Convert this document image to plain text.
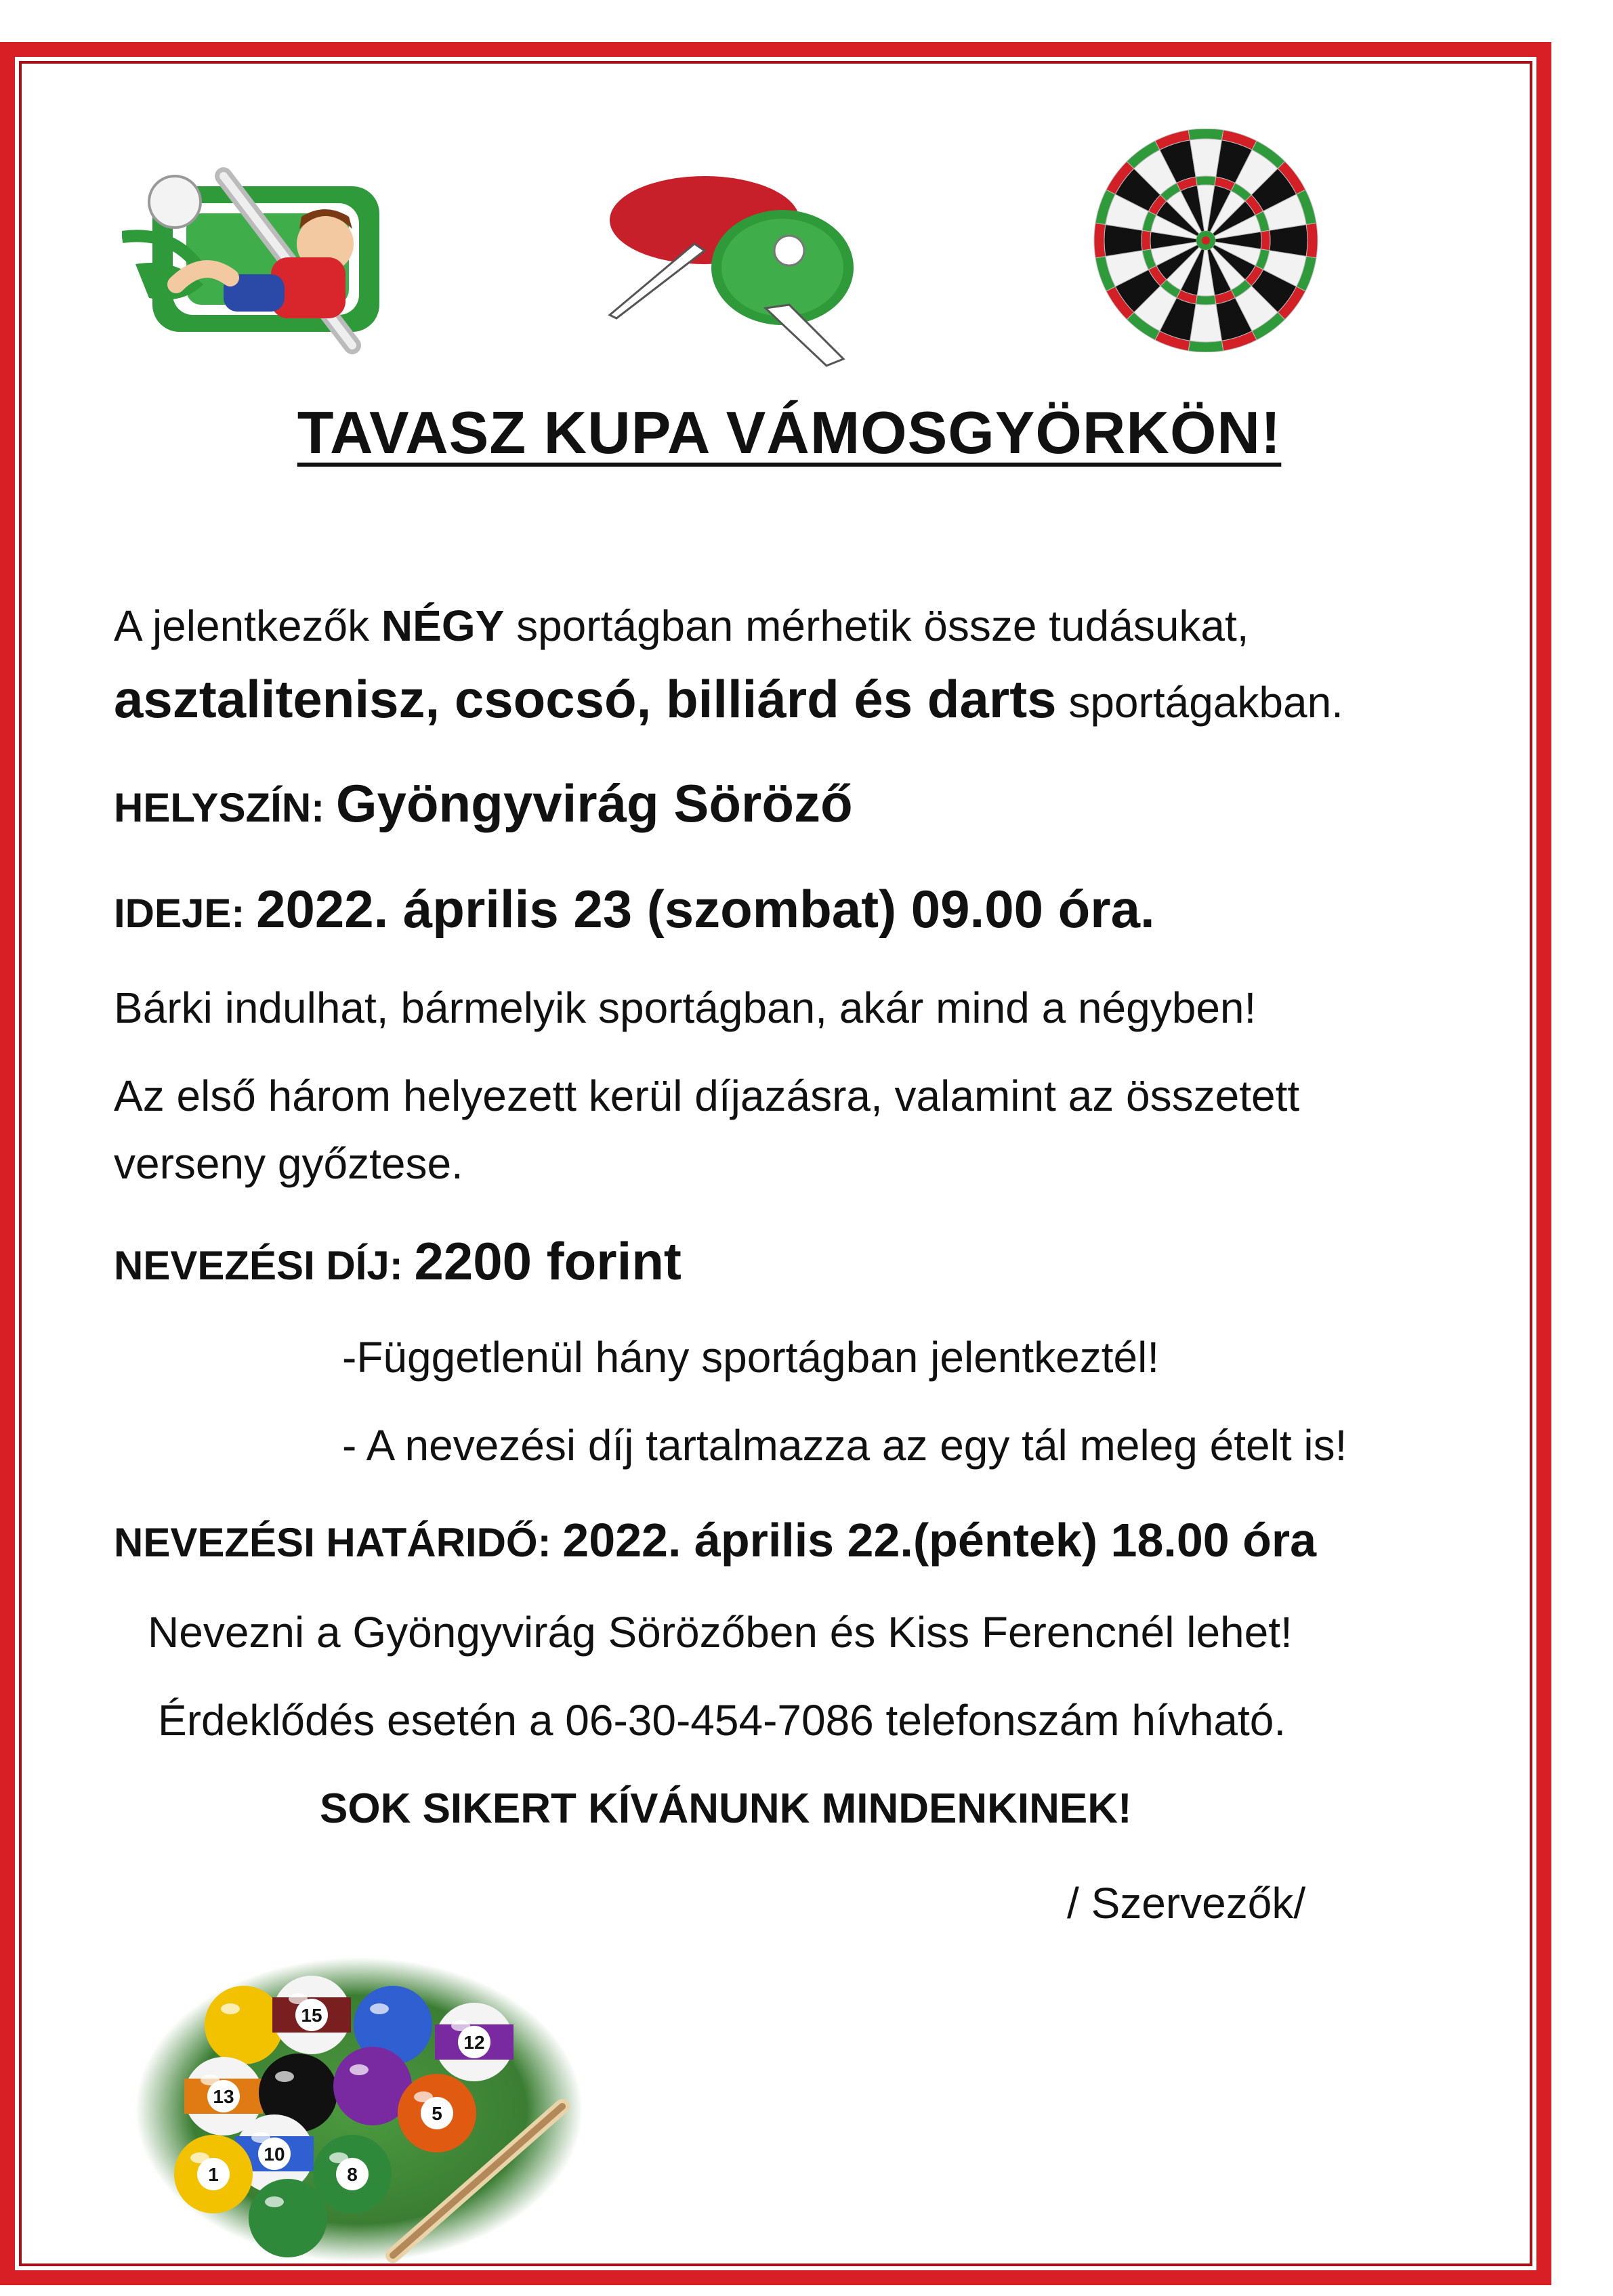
TAVASZ KUPA VÁMOSGYÖRKÖN!
A jelentkezők NÉGY sportágban mérhetik össze tudásukat,
asztalitenisz, csocsó, billiárd és darts sportágakban.
HELYSZÍN: Gyöngyvirág Söröző
IDEJE: 2022. április 23 (szombat) 09.00 óra.
Bárki indulhat, bármelyik sportágban, akár mind a négyben!
Az első három helyezett kerül díjazásra, valamint az összetett
verseny győztese.
NEVEZÉSI DÍJ: 2200 forint
-Függetlenül hány sportágban jelentkeztél!
- A nevezési díj tartalmazza az egy tál meleg ételt is!
NEVEZÉSI HATÁRIDŐ: 2022. április 22.(péntek) 18.00 óra
Nevezni a Gyöngyvirág Sörözőben és Kiss Ferencnél lehet!
Érdeklődés esetén a 06-30-454-7086 telefonszám hívható.
SOK SIKERT KÍVÁNUNK MINDENKINEK!
/ Szervezők/
15
12
13
5
10
1	8
